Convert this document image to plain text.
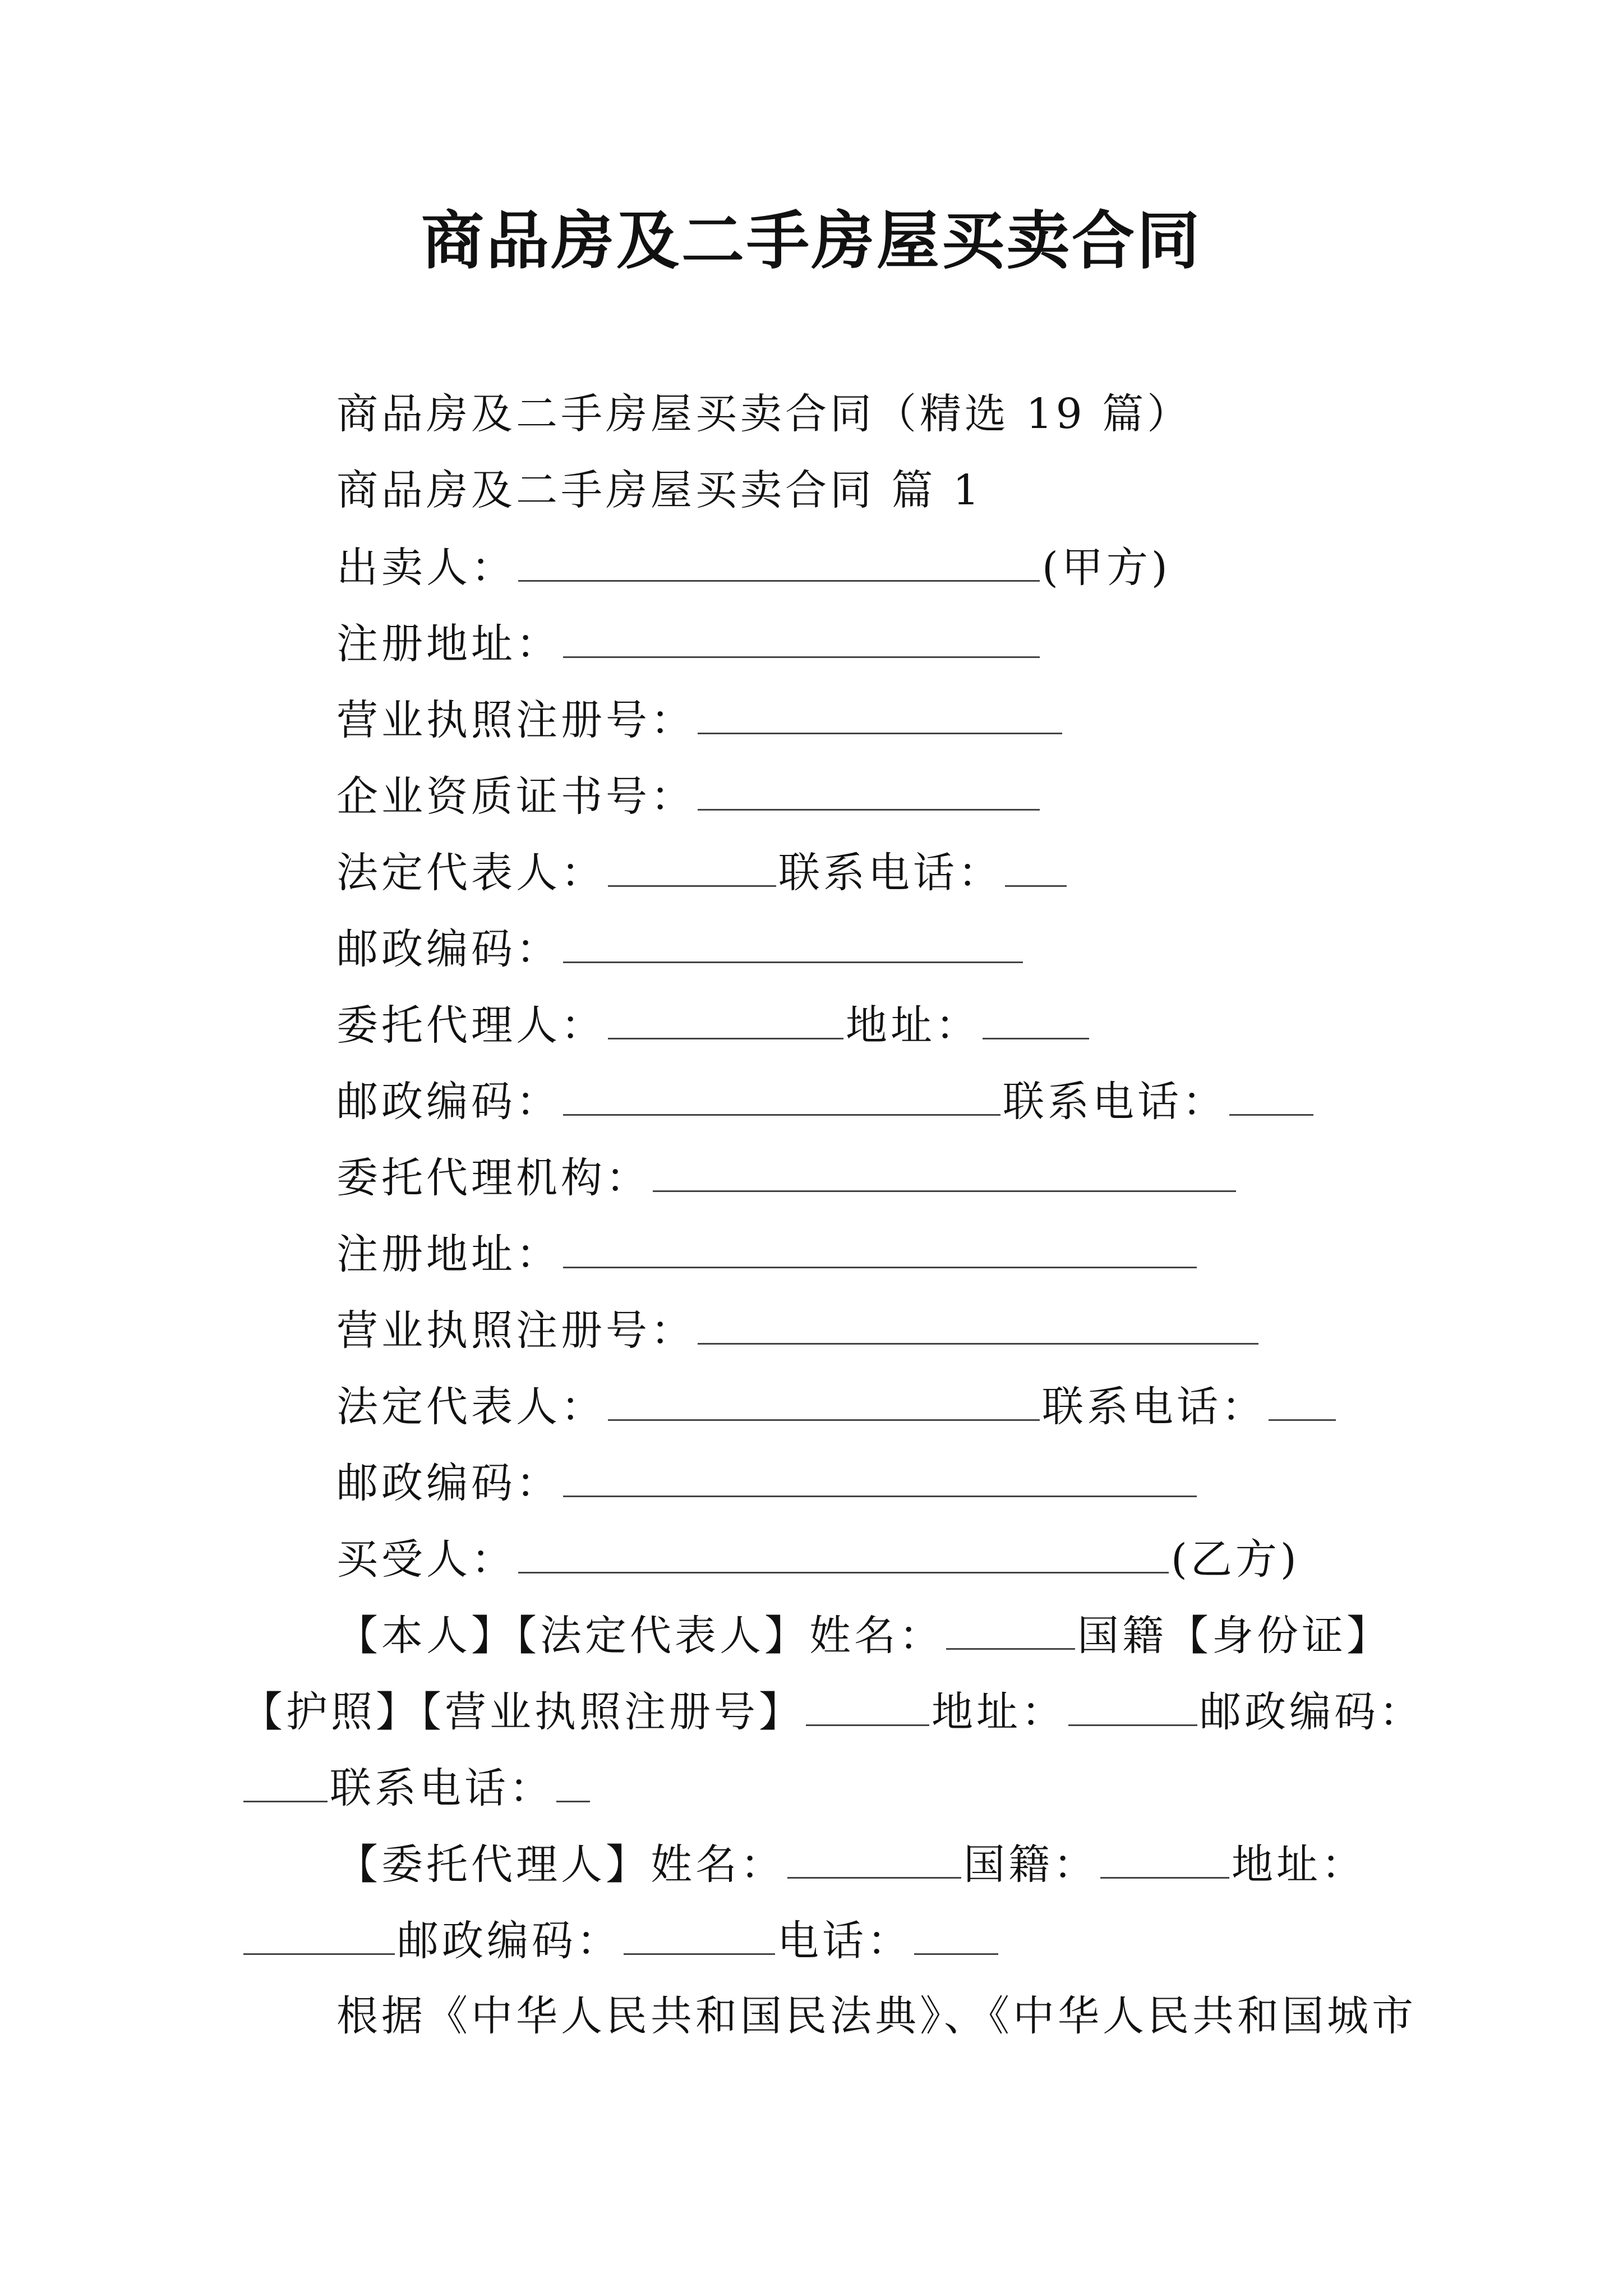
商品房及二手房屋买卖合同
商品房及二手房屋买卖合同（精选 19 篇）
商品房及二手房屋买卖合同 篇 1
出卖人：	(甲方)
注册地址：
营业执照注册号：
企业资质证书号：
法定代表人：	联系电话：
邮政编码：
委托代理人：	地址：
邮政编码：	联系电话：
委托代理机构：
注册地址：
营业执照注册号：
法定代表人：	联系电话：
邮政编码：
买受人：	(乙方)
【本人】【法定代表人】姓名：	国籍【身份证】
【护照】【营业执照注册号】	地址：	邮政编码：
联系电话：
【委托代理人】姓名：	国籍：	地址：
邮政编码：	电话：
根据《中华人民共和国民法典》、《中华人民共和国城市
